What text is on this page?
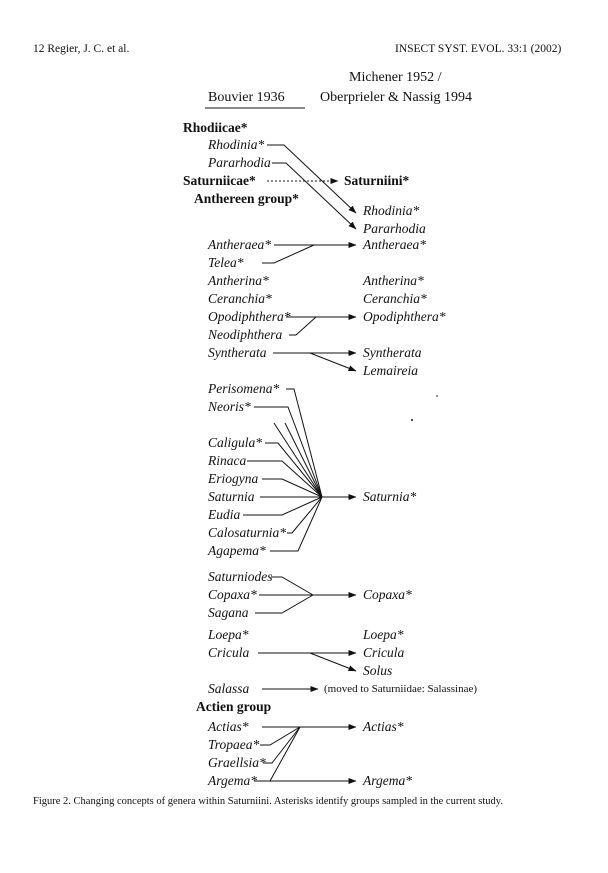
12 Regier, J. C. et al.	INSECT SYST. EVOL. 33:1 (2002)
Michener 1952 /
Bouvier 1936	Oberprieler & Nassig 1994
Rhodiicae*
Rhodinia*
Pararhodia
Saturniicae*
Anthereen group*
Antheraea*
Telea*
Antherina*
Ceranchia*
Opodiphthera*
Neodiphthera
Syntherata
Perisomena*
Neoris*
Caligula*
Rinaca
Eriogyna
Saturnia
Eudia
Calosaturnia*
Agapema*
Saturniodes
Copaxa*
Sagana
Loepa*
Cricula
Salassa
Actien group
Actias*
Tropaea*
Graellsia*
Argema*
Saturniini*
Rhodinia*
Pararhodia
Antheraea*
Antherina*
Ceranchia*
Opodiphthera*
Syntherata
Lemaireia
Saturnia*
Copaxa*
Loepa*
Cricula
Solus
(moved to Saturniidae: Salassinae)
Actias*
Argema*
Figure 2. Changing concepts of genera within Saturniini. Asterisks identify groups sampled in the current study.
